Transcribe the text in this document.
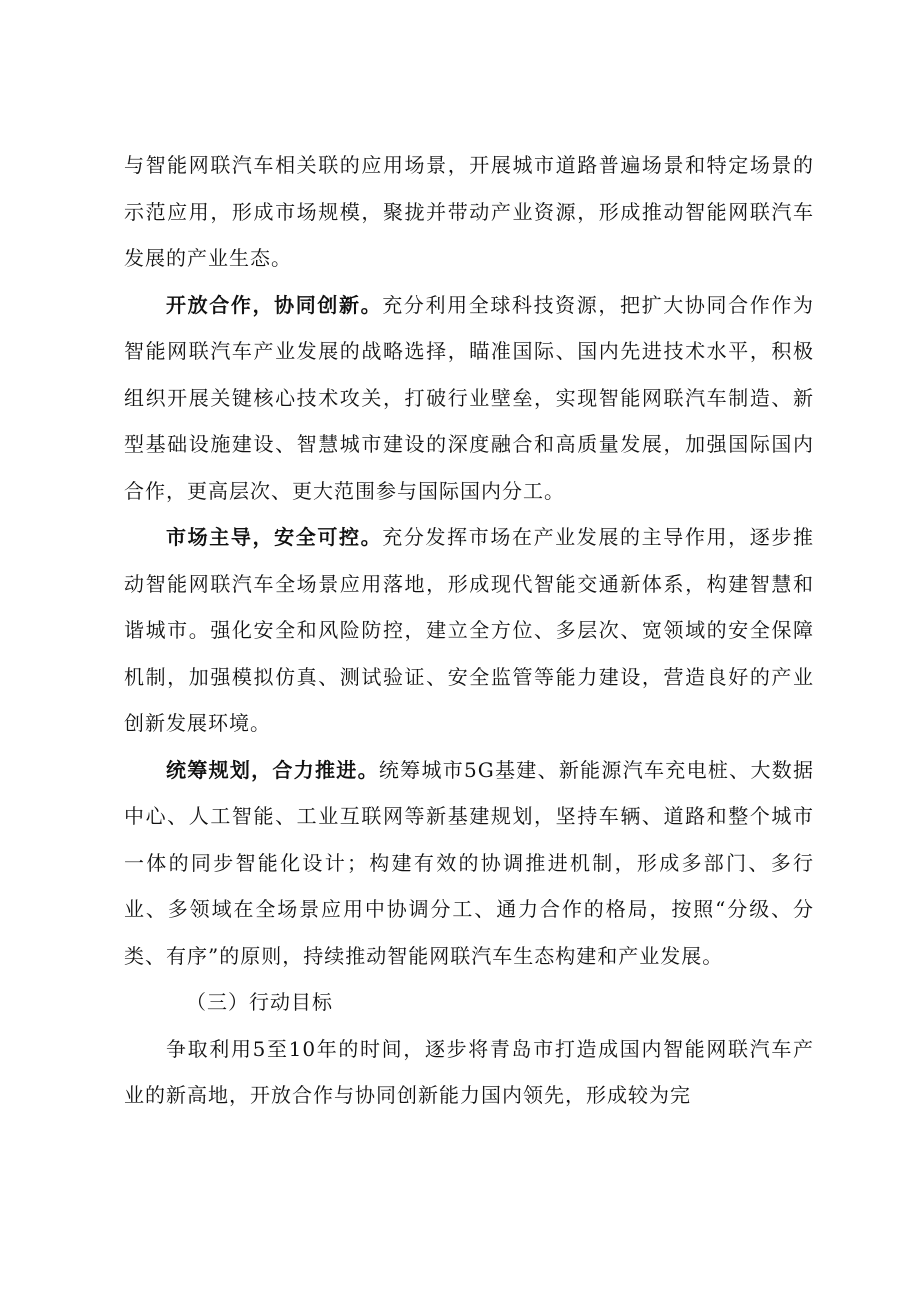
与智能网联汽车相关联的应用场景，开展城市道路普遍场景和特定场景的示范应用，形成市场规模，聚拢并带动产业资源，形成推动智能网联汽车发展的产业生态。

开放合作，协同创新。充分利用全球科技资源，把扩大协同合作作为智能网联汽车产业发展的战略选择，瞄准国际、国内先进技术水平，积极组织开展关键核心技术攻关，打破行业壁垒，实现智能网联汽车制造、新型基础设施建设、智慧城市建设的深度融合和高质量发展，加强国际国内合作，更高层次、更大范围参与国际国内分工。

市场主导，安全可控。充分发挥市场在产业发展的主导作用，逐步推动智能网联汽车全场景应用落地，形成现代智能交通新体系，构建智慧和谐城市。强化安全和风险防控，建立全方位、多层次、宽领域的安全保障机制，加强模拟仿真、测试验证、安全监管等能力建设，营造良好的产业创新发展环境。

统筹规划，合力推进。统筹城市5G基建、新能源汽车充电桩、大数据中心、人工智能、工业互联网等新基建规划，坚持车辆、道路和整个城市一体的同步智能化设计；构建有效的协调推进机制，形成多部门、多行业、多领域在全场景应用中协调分工、通力合作的格局，按照“分级、分类、有序”的原则，持续推动智能网联汽车生态构建和产业发展。

（三）行动目标

争取利用5至10年的时间，逐步将青岛市打造成国内智能网联汽车产业的新高地，开放合作与协同创新能力国内领先，形成较为完
